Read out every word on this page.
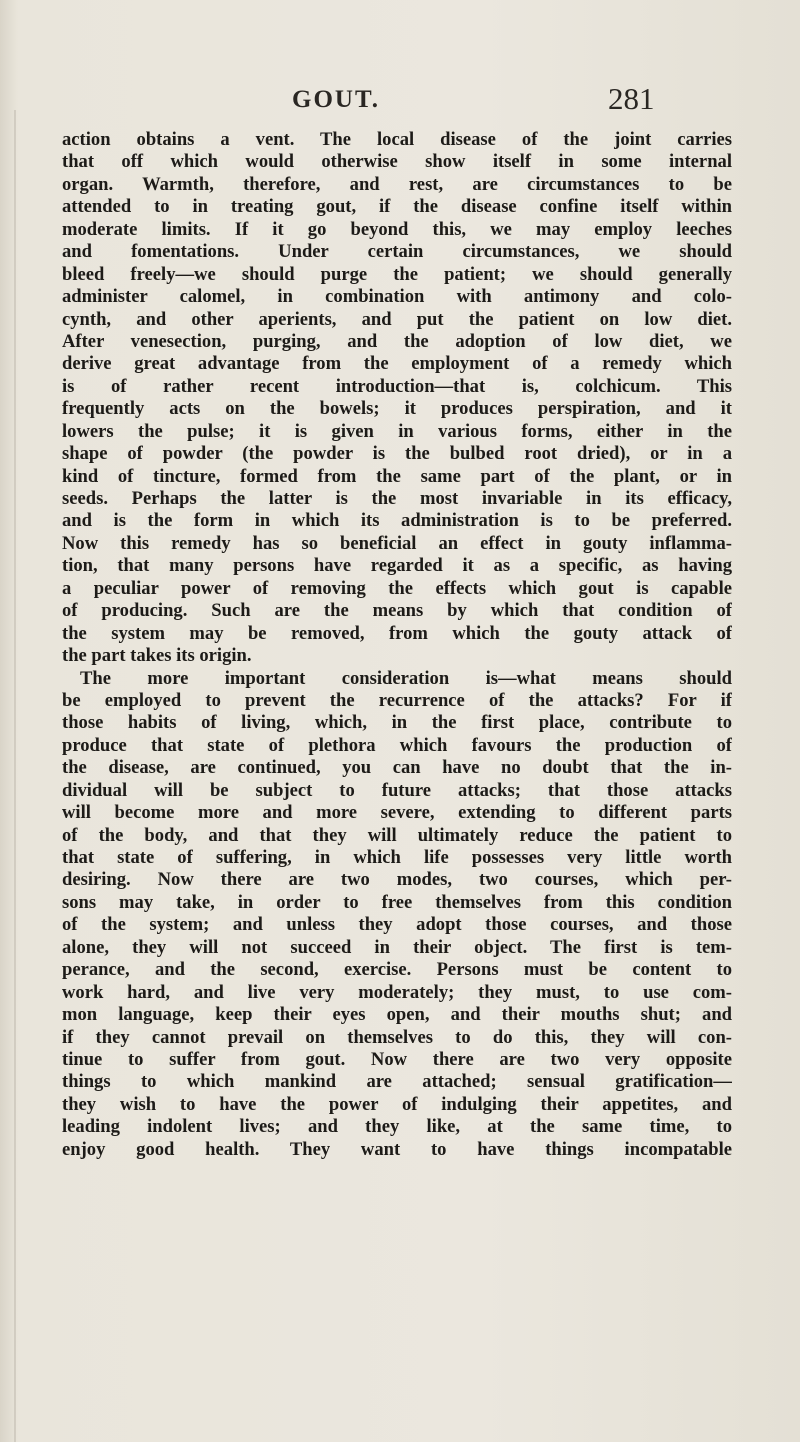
GOUT.	281
action obtains a vent. The local disease of the joint carries
that off which would otherwise show itself in some internal
organ. Warmth, therefore, and rest, are circumstances to be
attended to in treating gout, if the disease confine itself within
moderate limits. If it go beyond this, we may employ leeches
and fomentations. Under certain circumstances, we should
bleed freely—we should purge the patient; we should generally
administer calomel, in combination with antimony and colo-
cynth, and other aperients, and put the patient on low diet.
After venesection, purging, and the adoption of low diet, we
derive great advantage from the employment of a remedy which
is of rather recent introduction—that is, colchicum. This
frequently acts on the bowels; it produces perspiration, and it
lowers the pulse; it is given in various forms, either in the
shape of powder (the powder is the bulbed root dried), or in a
kind of tincture, formed from the same part of the plant, or in
seeds. Perhaps the latter is the most invariable in its efficacy,
and is the form in which its administration is to be preferred.
Now this remedy has so beneficial an effect in gouty inflamma-
tion, that many persons have regarded it as a specific, as having
a peculiar power of removing the effects which gout is capable
of producing. Such are the means by which that condition of
the system may be removed, from which the gouty attack of
the part takes its origin.
The more important consideration is—what means should
be employed to prevent the recurrence of the attacks? For if
those habits of living, which, in the first place, contribute to
produce that state of plethora which favours the production of
the disease, are continued, you can have no doubt that the in-
dividual will be subject to future attacks; that those attacks
will become more and more severe, extending to different parts
of the body, and that they will ultimately reduce the patient to
that state of suffering, in which life possesses very little worth
desiring. Now there are two modes, two courses, which per-
sons may take, in order to free themselves from this condition
of the system; and unless they adopt those courses, and those
alone, they will not succeed in their object. The first is tem-
perance, and the second, exercise. Persons must be content to
work hard, and live very moderately; they must, to use com-
mon language, keep their eyes open, and their mouths shut; and
if they cannot prevail on themselves to do this, they will con-
tinue to suffer from gout. Now there are two very opposite
things to which mankind are attached; sensual gratification—
they wish to have the power of indulging their appetites, and
leading indolent lives; and they like, at the same time, to
enjoy good health. They want to have things incompatable
